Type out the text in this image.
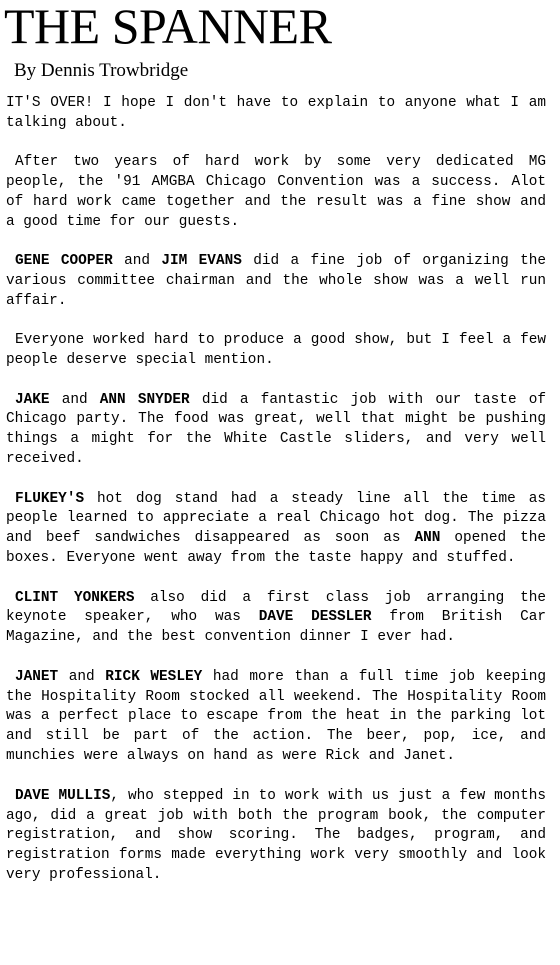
THE SPANNER
By Dennis Trowbridge

IT'S OVER! I hope I don't have to explain to anyone what I am talking about.

After two years of hard work by some very dedicated MG people, the '91 AMGBA Chicago Convention was a success. Alot of hard work came together and the result was a fine show and a good time for our guests.

GENE COOPER and JIM EVANS did a fine job of organizing the various committee chairman and the whole show was a well run affair.

Everyone worked hard to produce a good show, but I feel a few people deserve special mention.

JAKE and ANN SNYDER did a fantastic job with our taste of Chicago party. The food was great, well that might be pushing things a might for the White Castle sliders, and very well received.

FLUKEY'S hot dog stand had a steady line all the time as people learned to appreciate a real Chicago hot dog. The pizza and beef sandwiches disappeared as soon as ANN opened the boxes. Everyone went away from the taste happy and stuffed.

CLINT YONKERS also did a first class job arranging the keynote speaker, who was DAVE DESSLER from British Car Magazine, and the best convention dinner I ever had.

JANET and RICK WESLEY had more than a full time job keeping the Hospitality Room stocked all weekend. The Hospitality Room was a perfect place to escape from the heat in the parking lot and still be part of the action. The beer, pop, ice, and munchies were always on hand as were Rick and Janet.

DAVE MULLIS, who stepped in to work with us just a few months ago, did a great job with both the program book, the computer registration, and show scoring. The badges, program, and registration forms made everything work very smoothly and look very professional.
